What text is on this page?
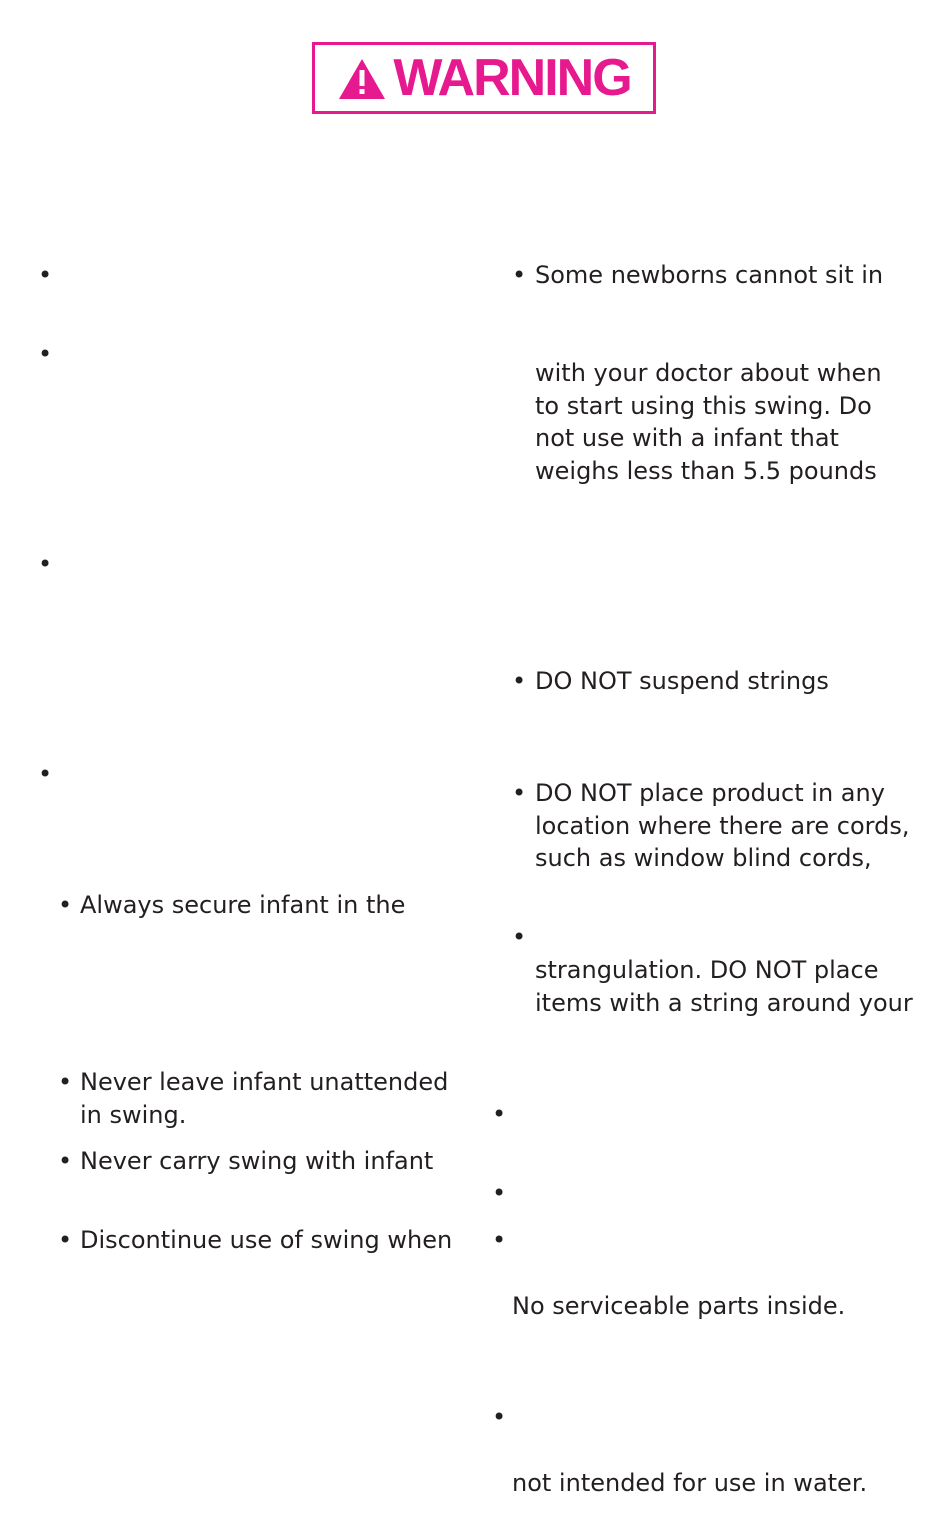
WARNING
•
•
•
•
• Always secure infant in the
• Never leave infant unattended
in swing.
• Never carry swing with infant
• Discontinue use of swing when
• Some newborns cannot sit in
with your doctor about when
to start using this swing. Do
not use with a infant that
weighs less than 5.5 pounds
• DO NOT suspend strings
• DO NOT place product in any
location where there are cords,
such as window blind cords,
•
strangulation. DO NOT place
items with a string around your
•
•
•
No serviceable parts inside.
•
not intended for use in water.
